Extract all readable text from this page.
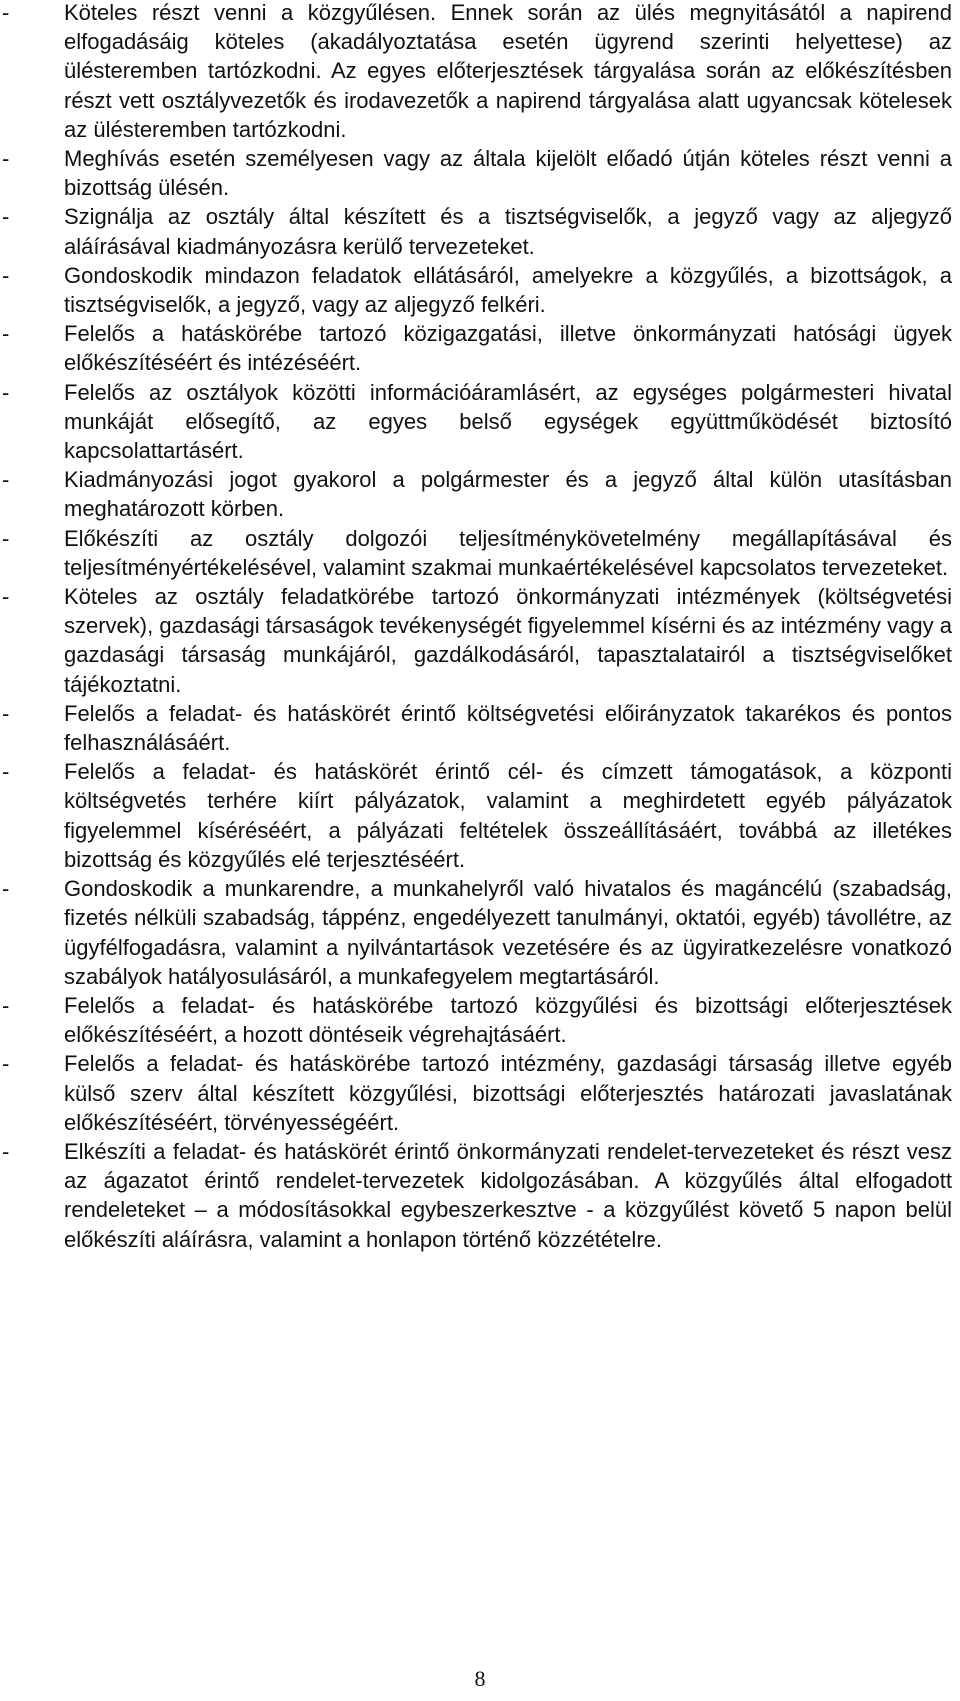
- Köteles részt venni a közgyűlésen. Ennek során az ülés megnyitásától a napirend elfogadásáig köteles (akadályoztatása esetén ügyrend szerinti helyettese) az ülésteremben tartózkodni. Az egyes előterjesztések tárgyalása során az előkészítésben részt vett osztályvezetők és irodavezetők a napirend tárgyalása alatt ugyancsak kötelesek az ülésteremben tartózkodni.
- Meghívás esetén személyesen vagy az általa kijelölt előadó útján köteles részt venni a bizottság ülésén.
- Szignálja az osztály által készített és a tisztségviselők, a jegyző vagy az aljegyző aláírásával kiadmányozásra kerülő tervezeteket.
- Gondoskodik mindazon feladatok ellátásáról, amelyekre a közgyűlés, a bizottságok, a tisztségviselők, a jegyző, vagy az aljegyző felkéri.
- Felelős a hatáskörébe tartozó közigazgatási, illetve önkormányzati hatósági ügyek előkészítéséért és intézéséért.
- Felelős az osztályok közötti információáramlásért, az egységes polgármesteri hivatal munkáját elősegítő, az egyes belső egységek együttműködését biztosító kapcsolattartásért.
- Kiadmányozási jogot gyakorol a polgármester és a jegyző által külön utasításban meghatározott körben.
- Előkészíti az osztály dolgozói teljesítménykövetelmény megállapításával és teljesítményértékelésével, valamint szakmai munkaértékelésével kapcsolatos tervezeteket.
- Köteles az osztály feladatkörébe tartozó önkormányzati intézmények (költségvetési szervek), gazdasági társaságok tevékenységét figyelemmel kísérni és az intézmény vagy a gazdasági társaság munkájáról, gazdálkodásáról, tapasztalatairól a tisztségviselőket tájékoztatni.
- Felelős a feladat- és hatáskörét érintő költségvetési előirányzatok takarékos és pontos felhasználásáért.
- Felelős a feladat- és hatáskörét érintő cél- és címzett támogatások, a központi költségvetés terhére kiírt pályázatok, valamint a meghirdetett egyéb pályázatok figyelemmel kíséréséért, a pályázati feltételek összeállításáért, továbbá az illetékes bizottság és közgyűlés elé terjesztéséért.
- Gondoskodik a munkarendre, a munkahelyről való hivatalos és magáncélú (szabadság, fizetés nélküli szabadság, táppénz, engedélyezett tanulmányi, oktatói, egyéb) távollétre, az ügyfélfogadásra, valamint a nyilvántartások vezetésére és az ügyiratkezelésre vonatkozó szabályok hatályosulásáról, a munkafegyelem megtartásáról.
- Felelős a feladat- és hatáskörébe tartozó közgyűlési és bizottsági előterjesztések előkészítéséért, a hozott döntéseik végrehajtásáért.
- Felelős a feladat- és hatáskörébe tartozó intézmény, gazdasági társaság illetve egyéb külső szerv által készített közgyűlési, bizottsági előterjesztés határozati javaslatának előkészítéséért, törvényességéért.
- Elkészíti a feladat- és hatáskörét érintő önkormányzati rendelet-tervezeteket és részt vesz az ágazatot érintő rendelet-tervezetek kidolgozásában. A közgyűlés által elfogadott rendeleteket – a módosításokkal egybeszerkesztve - a közgyűlést követő 5 napon belül előkészíti aláírásra, valamint a honlapon történő közzétételre.
8
